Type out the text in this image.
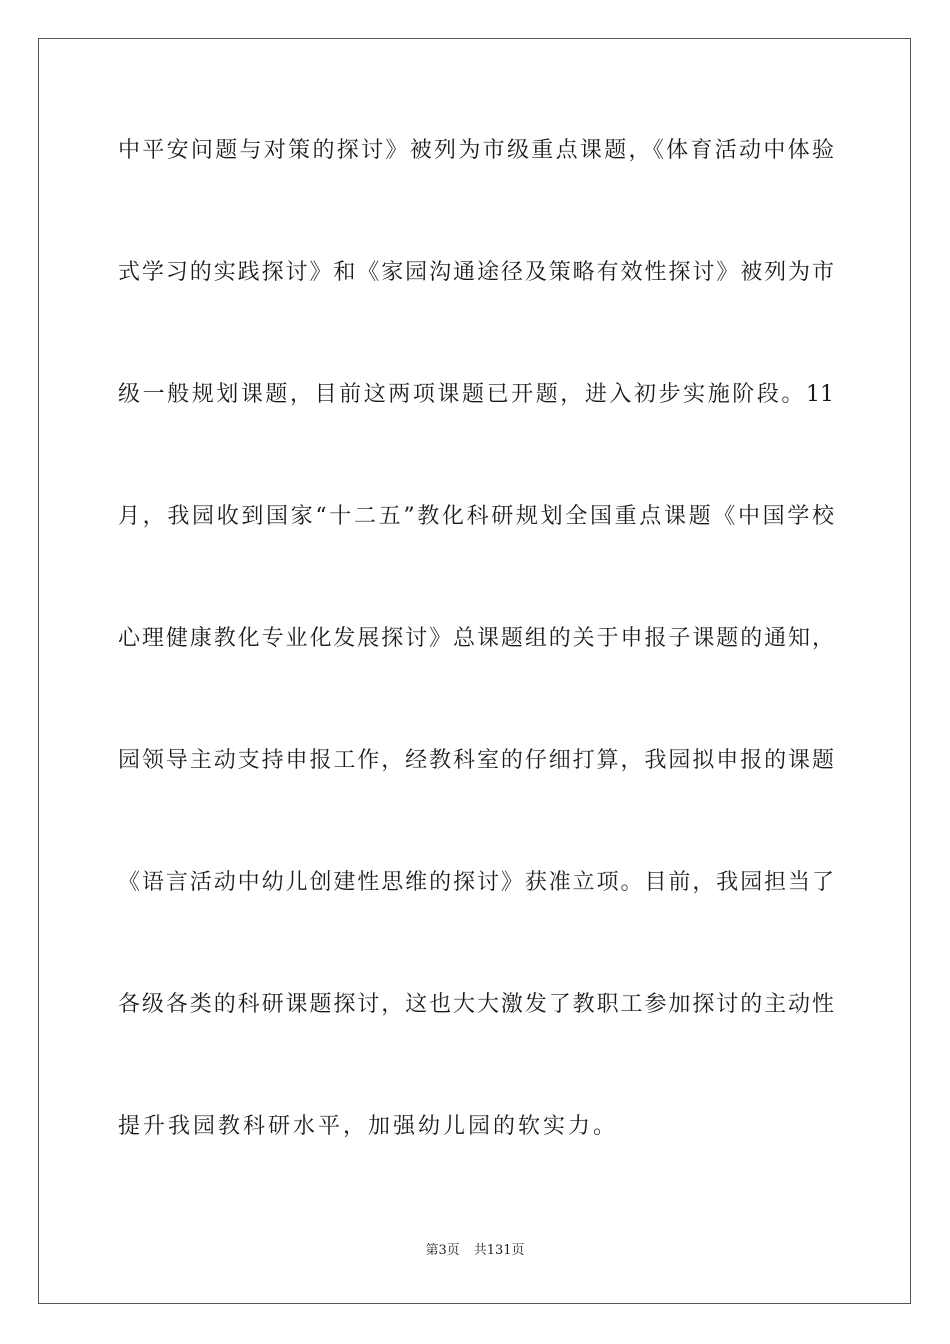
中平安问题与对策的探讨》被列为市级重点课题，《体育活动中体验
式学习的实践探讨》和《家园沟通途径及策略有效性探讨》被列为市
级一般规划课题，目前这两项课题已开题，进入初步实施阶段。11
月，我园收到国家“十二五”教化科研规划全国重点课题《中国学校
心理健康教化专业化发展探讨》总课题组的关于申报子课题的通知，
园领导主动支持申报工作，经教科室的仔细打算，我园拟申报的课题
《语言活动中幼儿创建性思维的探讨》获准立项。目前，我园担当了
各级各类的科研课题探讨，这也大大激发了教职工参加探讨的主动性
提升我园教科研水平，加强幼儿园的软实力。
第3页 共131页
